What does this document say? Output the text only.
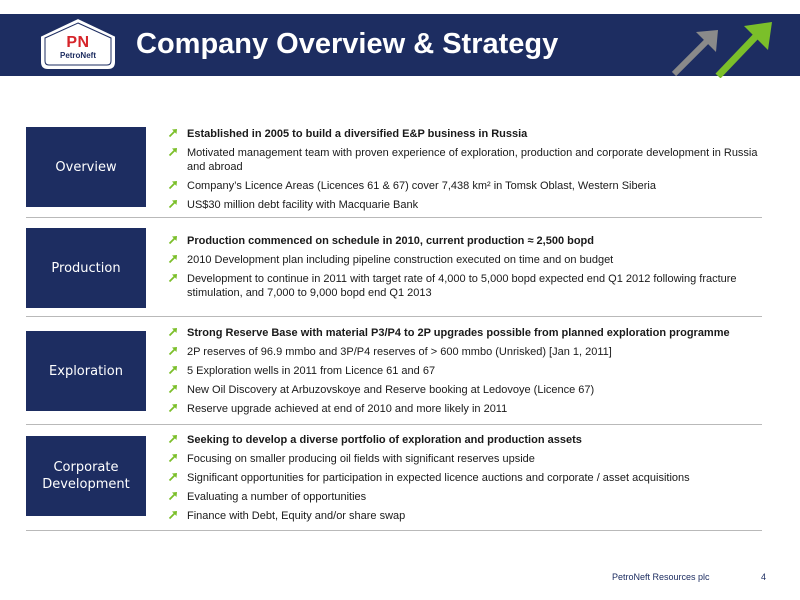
PN
PetroNeft	Company Overview & Strategy
Overview
Established in 2005 to build a diversified E&P business in Russia
Motivated management team with proven experience of exploration, production and corporate development in Russia and abroad
Company’s Licence Areas (Licences 61 & 67) cover 7,438 km² in Tomsk Oblast, Western Siberia
US$30 million debt facility with Macquarie Bank
Production
Production commenced on schedule in 2010, current production ≈ 2,500 bopd
2010 Development plan including pipeline construction executed on time and on budget
Development to continue in 2011 with target rate of 4,000 to 5,000 bopd expected end Q1 2012 following fracture stimulation, and 7,000 to 9,000 bopd end Q1 2013
Exploration
Strong Reserve Base with material P3/P4 to 2P upgrades possible from planned exploration programme
2P reserves of 96.9 mmbo and 3P/P4 reserves of > 600 mmbo (Unrisked) [Jan 1, 2011]
5 Exploration wells in 2011 from Licence 61 and 67
New Oil Discovery at Arbuzovskoye and Reserve booking at Ledovoye (Licence 67)
Reserve upgrade achieved at end of 2010 and more likely in 2011
Corporate
Development
Seeking to develop a diverse portfolio of exploration and production assets
Focusing on smaller producing oil fields with significant reserves upside
Significant opportunities for participation in expected licence auctions and corporate / asset acquisitions
Evaluating a number of opportunities
Finance with Debt, Equity and/or share swap
PetroNeft Resources plc	4
